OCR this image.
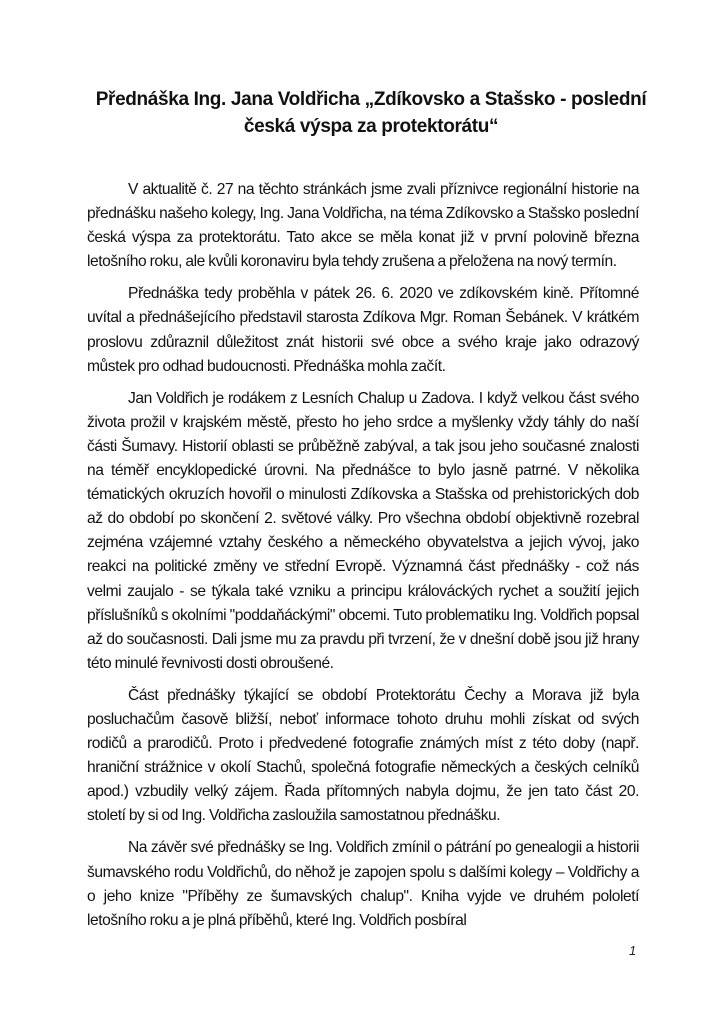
Přednáška Ing. Jana Voldřicha „Zdíkovsko a Stašsko - poslední česká výspa za protektorátu“

V aktualitě č. 27 na těchto stránkách jsme zvali příznivce regionální historie na přednášku našeho kolegy, Ing. Jana Voldřicha, na téma Zdíkovsko a Stašsko poslední česká výspa za protektorátu. Tato akce se měla konat již v první polovině března letošního roku, ale kvůli koronaviru byla tehdy zrušena a přeložena na nový termín.

Přednáška tedy proběhla v pátek 26. 6. 2020 ve zdíkovském kině. Přítomné uvítal a přednášejícího představil starosta Zdíkova Mgr. Roman Šebánek. V krátkém proslovu zdůraznil důležitost znát historii své obce a svého kraje jako odrazový můstek pro odhad budoucnosti. Přednáška mohla začít.

Jan Voldřich je rodákem z Lesních Chalup u Zadova. I když velkou část svého života prožil v krajském městě, přesto ho jeho srdce a myšlenky vždy táhly do naší části Šumavy. Historií oblasti se průběžně zabýval, a tak jsou jeho současné znalosti na téměř encyklopedické úrovni. Na přednášce to bylo jasně patrné. V několika tématických okruzích hovořil o minulosti Zdíkovska a Stašska od prehistorických dob až do období po skončení 2. světové války. Pro všechna období objektivně rozebral zejména vzájemné vztahy českého a německého obyvatelstva a jejich vývoj, jako reakci na politické změny ve střední Evropě. Významná část přednášky - což nás velmi zaujalo - se týkala také vzniku a principu králováckých rychet a soužití jejich příslušníků s okolními "poddaňáckými" obcemi. Tuto problematiku Ing. Voldřich popsal až do současnosti. Dali jsme mu za pravdu při tvrzení, že v dnešní době jsou již hrany této minulé řevnivosti dosti obroušené.

Část přednášky týkající se období Protektorátu Čechy a Morava již byla posluchačům časově bližší, neboť informace tohoto druhu mohli získat od svých rodičů a prarodičů. Proto i předvedené fotografie známých míst z této doby (např. hraniční strážnice v okolí Stachů, společná fotografie německých a českých celníků apod.) vzbudily velký zájem. Řada přítomných nabyla dojmu, že jen tato část 20. století by si od Ing. Voldřicha zasloužila samostatnou přednášku.

Na závěr své přednášky se Ing. Voldřich zmínil o pátrání po genealogii a historii šumavského rodu Voldřichů, do něhož je zapojen spolu s dalšími kolegy – Voldřichy a o jeho knize "Příběhy ze šumavských chalup". Kniha vyjde ve druhém pololetí letošního roku a je plná příběhů, které Ing. Voldřich posbíral

1
